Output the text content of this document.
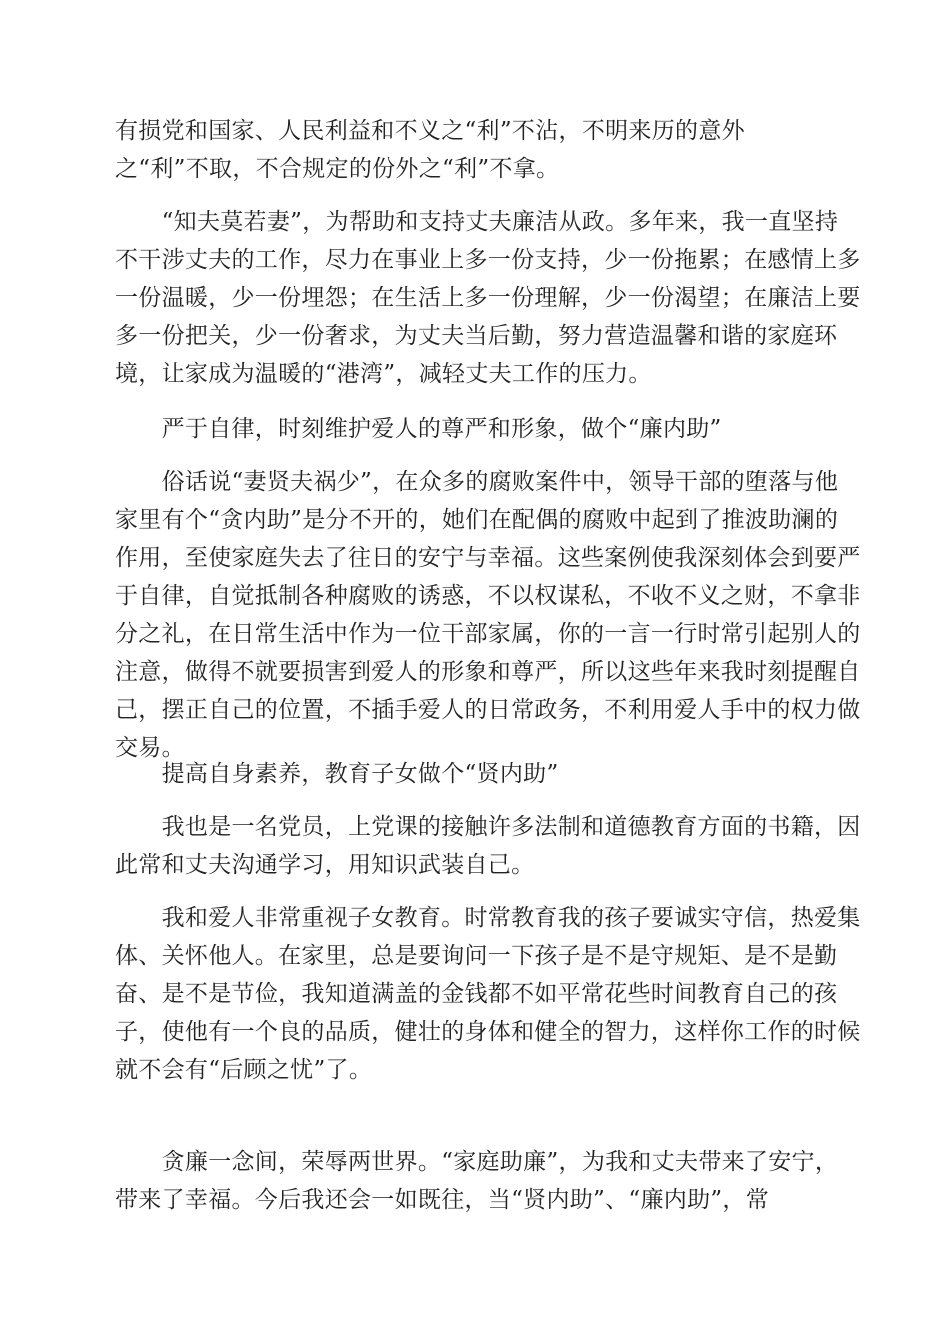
有损党和国家、人民利益和不义之“利”不沾，不明来历的意外
之“利”不取，不合规定的份外之“利”不拿。
　　“知夫莫若妻”，为帮助和支持丈夫廉洁从政。多年来，我一直坚持
不干涉丈夫的工作，尽力在事业上多一份支持，少一份拖累；在感情上多
一份温暖，少一份埋怨；在生活上多一份理解，少一份渴望；在廉洁上要
多一份把关，少一份奢求，为丈夫当后勤，努力营造温馨和谐的家庭环
境，让家成为温暖的“港湾”，减轻丈夫工作的压力。
　　严于自律，时刻维护爱人的尊严和形象，做个“廉内助”
　　俗话说“妻贤夫祸少”，在众多的腐败案件中，领导干部的堕落与他
家里有个“贪内助”是分不开的，她们在配偶的腐败中起到了推波助澜的
作用，至使家庭失去了往日的安宁与幸福。这些案例使我深刻体会到要严
于自律，自觉抵制各种腐败的诱惑，不以权谋私，不收不义之财，不拿非
分之礼，在日常生活中作为一位干部家属，你的一言一行时常引起别人的
注意，做得不就要损害到爱人的形象和尊严，所以这些年来我时刻提醒自
己，摆正自己的位置，不插手爱人的日常政务，不利用爱人手中的权力做
交易。
　　提高自身素养，教育子女做个“贤内助”
　　我也是一名党员，上党课的接触许多法制和道德教育方面的书籍，因
此常和丈夫沟通学习，用知识武装自己。
　　我和爱人非常重视子女教育。时常教育我的孩子要诚实守信，热爱集
体、关怀他人。在家里，总是要询问一下孩子是不是守规矩、是不是勤
奋、是不是节俭，我知道满盖的金钱都不如平常花些时间教育自己的孩
子，使他有一个良的品质，健壮的身体和健全的智力，这样你工作的时候
就不会有“后顾之忧”了。
　　贪廉一念间，荣辱两世界。“家庭助廉”，为我和丈夫带来了安宁，
带来了幸福。今后我还会一如既往，当“贤内助”、“廉内助”，常
